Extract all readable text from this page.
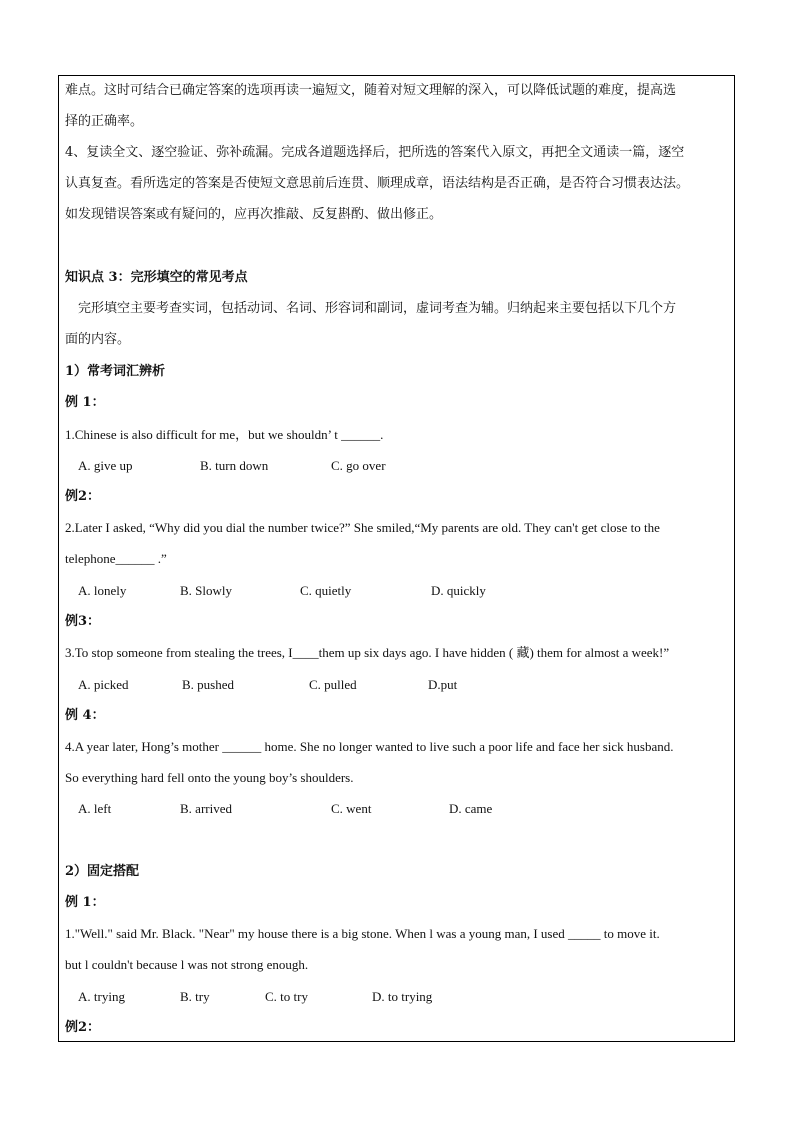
难点。这时可结合已确定答案的选项再读一遍短文，随着对短文理解的深入，可以降低试题的难度，提高选
择的正确率。
4、复读全文、逐空验证、弥补疏漏。完成各道题选择后，把所选的答案代入原文，再把全文通读一篇，逐空
认真复查。看所选定的答案是否使短文意思前后连贯、顺理成章，语法结构是否正确，是否符合习惯表达法。
如发现错误答案或有疑问的，应再次推敲、反复斟酌、做出修正。
知识点 3：完形填空的常见考点
完形填空主要考查实词，包括动词、名词、形容词和副词，虚词考查为辅。归纳起来主要包括以下几个方
面的内容。
1）常考词汇辨析
例 1：
1.Chinese is also difficult for me，but we shouldn’ t ______.
A. give up	B. turn down	C. go over
例2：
2.Later I asked, “Why did you dial the number twice?” She smiled,“My parents are old. They can't get close to the
telephone______ .”
A. lonely	B. Slowly	C. quietly	D. quickly
例3：
3.To stop someone from stealing the trees, I____them up six days ago. I have hidden ( 藏) them for almost a week!”
A. picked	B. pushed	C. pulled	D.put
例 4：
4.A year later, Hong’s mother ______ home. She no longer wanted to live such a poor life and face her sick husband.
So everything hard fell onto the young boy’s shoulders.
A. left	B. arrived	C. went	D. came
2）固定搭配
例 1：
1."Well." said Mr. Black. "Near" my house there is a big stone. When l was a young man, I used _____ to move it.
but l couldn't because l was not strong enough.
A. trying	B. try	C. to try	D. to trying
例2：
